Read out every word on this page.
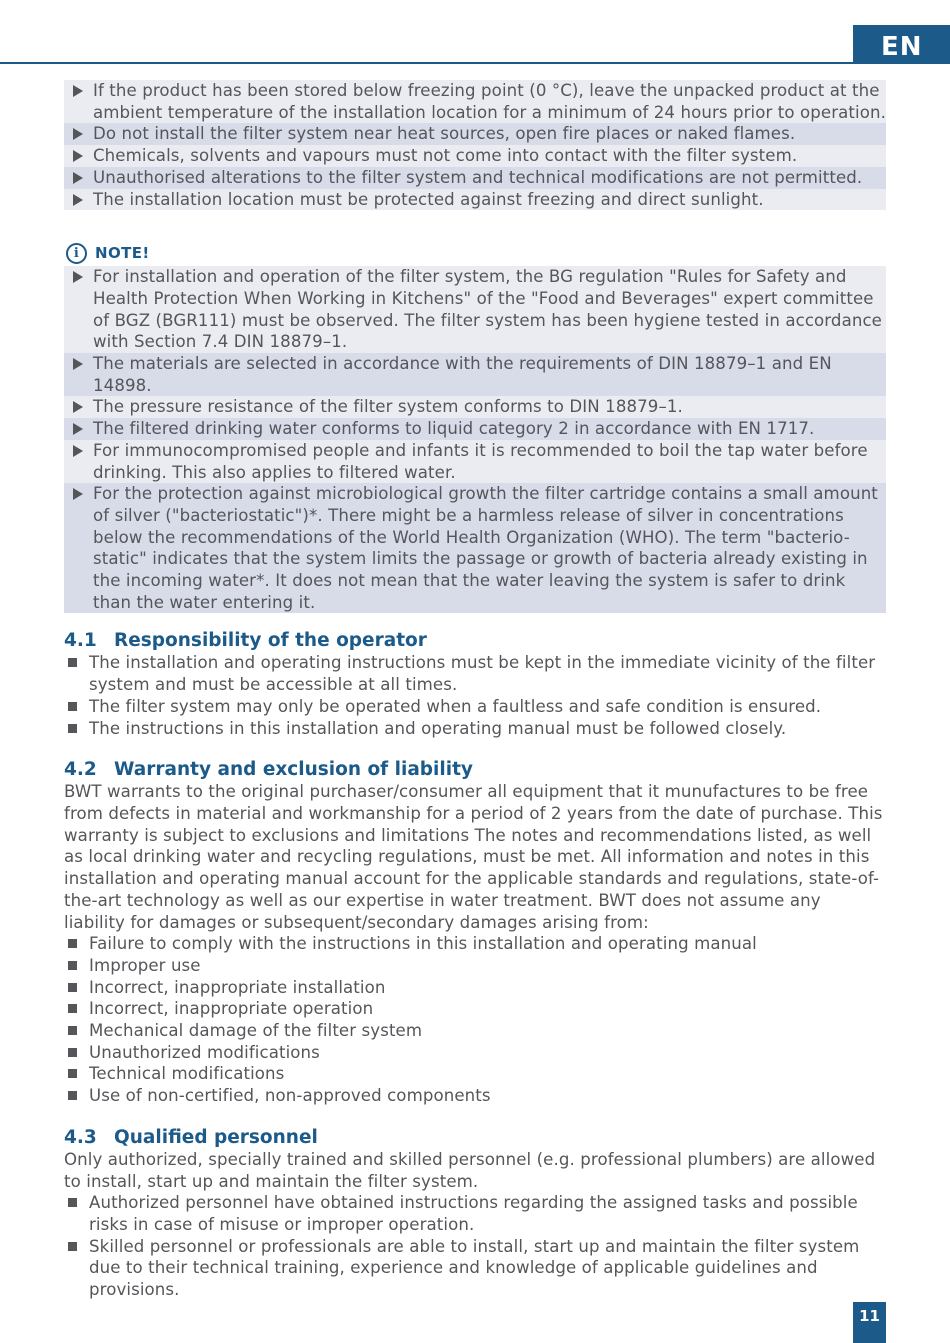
EN
If the product has been stored below freezing point (0 °C), leave the unpacked product at the ambient temperature of the installation location for a minimum of 24 hours prior to operation.
Do not install the filter system near heat sources, open fire places or naked flames.
Chemicals, solvents and vapours must not come into contact with the filter system.
Unauthorised alterations to the filter system and technical modifications are not permitted.
The installation location must be protected against freezing and direct sunlight.
i	NOTE!
For installation and operation of the filter system, the BG regulation "Rules for Safety and Health Protection When Working in Kitchens" of the "Food and Beverages" expert committee of BGZ (BGR111) must be observed. The filter system has been hygiene tested in accordance with Section 7.4 DIN 18879–1.
The materials are selected in accordance with the requirements of DIN 18879–1 and EN 14898.
The pressure resistance of the filter system conforms to DIN 18879–1.
The filtered drinking water conforms to liquid category 2 in accordance with EN 1717.
For immunocompromised people and infants it is recommended to boil the tap water before drinking. This also applies to filtered water.
For the protection against microbiological growth the filter cartridge contains a small amount of silver ("bacteriostatic")*. There might be a harmless release of silver in concentrations below the recommendations of the World Health Organization (WHO). The term "bacterio-static" indicates that the system limits the passage or growth of bacteria already existing in the incoming water*. It does not mean that the water leaving the system is safer to drink than the water entering it.
4.1 Responsibility of the operator
The installation and operating instructions must be kept in the immediate vicinity of the filter system and must be accessible at all times.
The filter system may only be operated when a faultless and safe condition is ensured.
The instructions in this installation and operating manual must be followed closely.
4.2 Warranty and exclusion of liability
BWT warrants to the original purchaser/consumer all equipment that it munufactures to be free from defects in material and workmanship for a period of 2 years from the date of purchase. This warranty is subject to exclusions and limitations The notes and recommendations listed, as well as local drinking water and recycling regulations, must be met. All information and notes in this installation and operating manual account for the applicable standards and regulations, state-of-the-art technology as well as our expertise in water treatment. BWT does not assume any liability for damages or subsequent/secondary damages arising from:
Failure to comply with the instructions in this installation and operating manual
Improper use
Incorrect, inappropriate installation
Incorrect, inappropriate operation
Mechanical damage of the filter system
Unauthorized modifications
Technical modifications
Use of non-certified, non-approved components
4.3 Qualified personnel
Only authorized, specially trained and skilled personnel (e.g. professional plumbers) are allowed to install, start up and maintain the filter system.
Authorized personnel have obtained instructions regarding the assigned tasks and possible risks in case of misuse or improper operation.
Skilled personnel or professionals are able to install, start up and maintain the filter system due to their technical training, experience and knowledge of applicable guidelines and provisions.
11
